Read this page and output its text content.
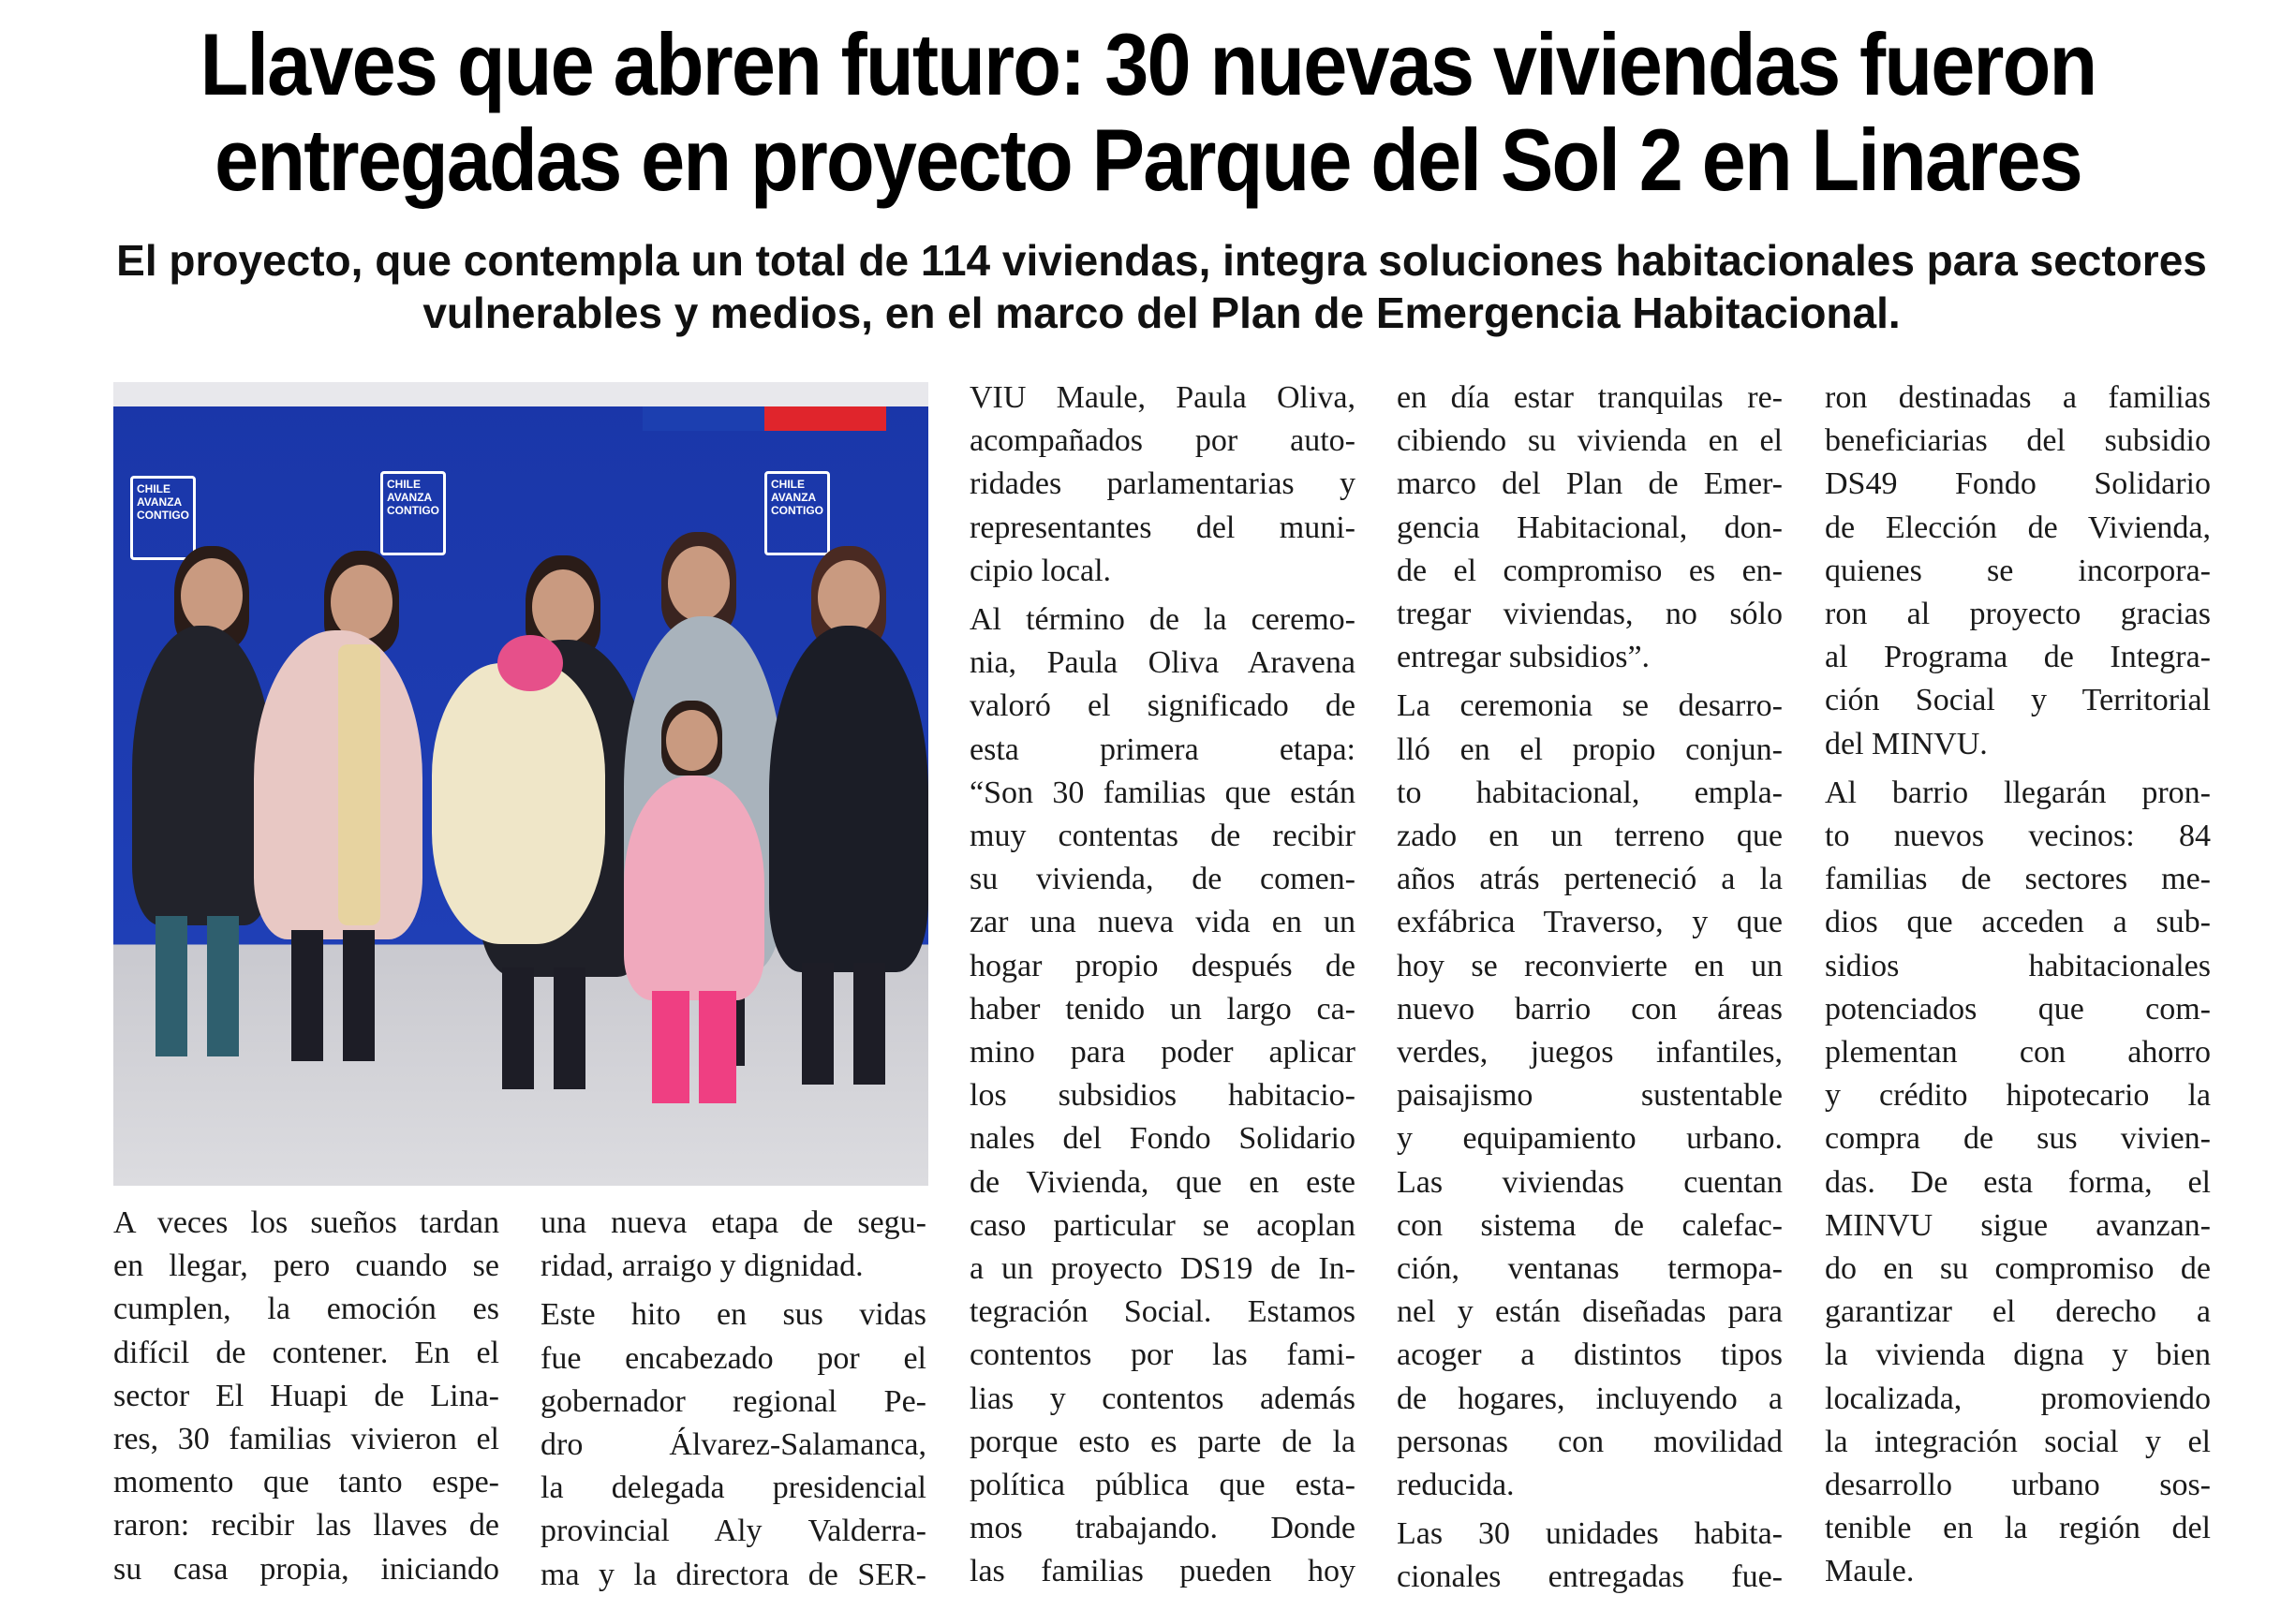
Llaves que abren futuro: 30 nuevas viviendas fueron
entregadas en proyecto Parque del Sol 2 en Linares
El proyecto, que contempla un total de 114 viviendas, integra soluciones habitacionales para sectores
vulnerables y medios, en el marco del Plan de Emergencia Habitacional.
CHILE
AVANZA
CONTIGO
CHILE
AVANZA
CONTIGO
CHILE
AVANZA
CONTIGO

A veces los sueños tardan
en llegar, pero cuando se
cumplen, la emoción es
difícil de contener. En el
sector El Huapi de Lina-
res, 30 familias vivieron el
momento que tanto espe-
raron: recibir las llaves de
su casa propia, iniciando

una nueva etapa de segu-
ridad, arraigo y dignidad.

Este hito en sus vidas
fue encabezado por el
gobernador regional Pe-
dro Álvarez-Salamanca,
la delegada presidencial
provincial Aly Valderra-
ma y la directora de SER-

VIU Maule, Paula Oliva,
acompañados por auto-
ridades parlamentarias y
representantes del muni-
cipio local.

Al término de la ceremo-
nia, Paula Oliva Aravena
valoró el significado de
esta primera etapa:
“Son 30 familias que están
muy contentas de recibir
su vivienda, de comen-
zar una nueva vida en un
hogar propio después de
haber tenido un largo ca-
mino para poder aplicar
los subsidios habitacio-
nales del Fondo Solidario
de Vivienda, que en este
caso particular se acoplan
a un proyecto DS19 de In-
tegración Social. Estamos
contentos por las fami-
lias y contentos además
porque esto es parte de la
política pública que esta-
mos trabajando. Donde
las familias pueden hoy

en día estar tranquilas re-
cibiendo su vivienda en el
marco del Plan de Emer-
gencia Habitacional, don-
de el compromiso es en-
tregar viviendas, no sólo
entregar subsidios”.

La ceremonia se desarro-
lló en el propio conjun-
to habitacional, empla-
zado en un terreno que
años atrás perteneció a la
exfábrica Traverso, y que
hoy se reconvierte en un
nuevo barrio con áreas
verdes, juegos infantiles,
paisajismo sustentable
y equipamiento urbano.
Las viviendas cuentan
con sistema de calefac-
ción, ventanas termopa-
nel y están diseñadas para
acoger a distintos tipos
de hogares, incluyendo a
personas con movilidad
reducida.

Las 30 unidades habita-
cionales entregadas fue-

ron destinadas a familias
beneficiarias del subsidio
DS49 Fondo Solidario
de Elección de Vivienda,
quienes se incorpora-
ron al proyecto gracias
al Programa de Integra-
ción Social y Territorial
del MINVU.

Al barrio llegarán pron-
to nuevos vecinos: 84
familias de sectores me-
dios que acceden a sub-
sidios habitacionales
potenciados que com-
plementan con ahorro
y crédito hipotecario la
compra de sus vivien-
das. De esta forma, el
MINVU sigue avanzan-
do en su compromiso de
garantizar el derecho a
la vivienda digna y bien
localizada, promoviendo
la integración social y el
desarrollo urbano sos-
tenible en la región del
Maule.
